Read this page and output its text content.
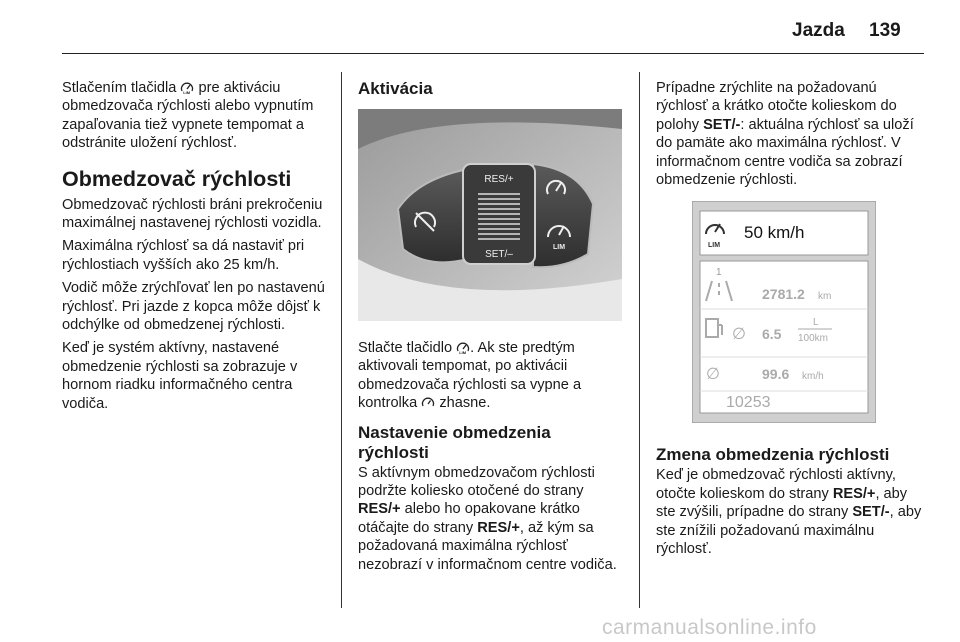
Jazda 139

Stlačením tlačidla LIM pre aktiváciu obmedzovača rýchlosti alebo vypnutím zapaľovania tiež vypnete tempomat a odstránite uložení rýchlosť.

Obmedzovač rýchlosti

Obmedzovač rýchlosti bráni prekročeniu maximálnej nastavenej rýchlosti vozidla.

Maximálna rýchlosť sa dá nastaviť pri rýchlostiach vyšších ako 25 km/h.

Vodič môže zrýchľovať len po nastavenú rýchlosť. Pri jazde z kopca môže dôjsť k odchýlke od obmedzenej rýchlosti.

Keď je systém aktívny, nastavené obmedzenie rýchlosti sa zobrazuje v hornom riadku informačného centra vodiča.

Aktivácia
RES/+
SET/–
LIM

Stlačte tlačidlo LIM . Ak ste predtým aktivovali tempomat, po aktivácii obmedzovača rýchlosti sa vypne a kontrolka zhasne.

Nastavenie obmedzenia rýchlosti

S aktívnym obmedzovačom rýchlosti podržte koliesko otočené do strany RES/+ alebo ho opakovane krátko otáčajte do strany RES/+, až kým sa požadovaná maximálna rýchlosť nezobrazí v informačnom centre vodiča.

Prípadne zrýchlite na požadovanú rýchlosť a krátko otočte kolieskom do polohy SET/-: aktuálna rýchlosť sa uloží do pamäte ako maximálna rýchlosť. V informačnom centre vodiča sa zobrazí obmedzenie rýchlosti.

LIM
50 km/h
1
2781.2 km
∅ 6.5
L
100km
∅	99.6 km/h
10253
Zmena obmedzenia rýchlosti

Keď je obmedzovač rýchlosti aktívny, otočte kolieskom do strany RES/+, aby ste zvýšili, prípadne do strany SET/-, aby ste znížili požadovanú maximálnu rýchlosť.

carmanualsonline.info
